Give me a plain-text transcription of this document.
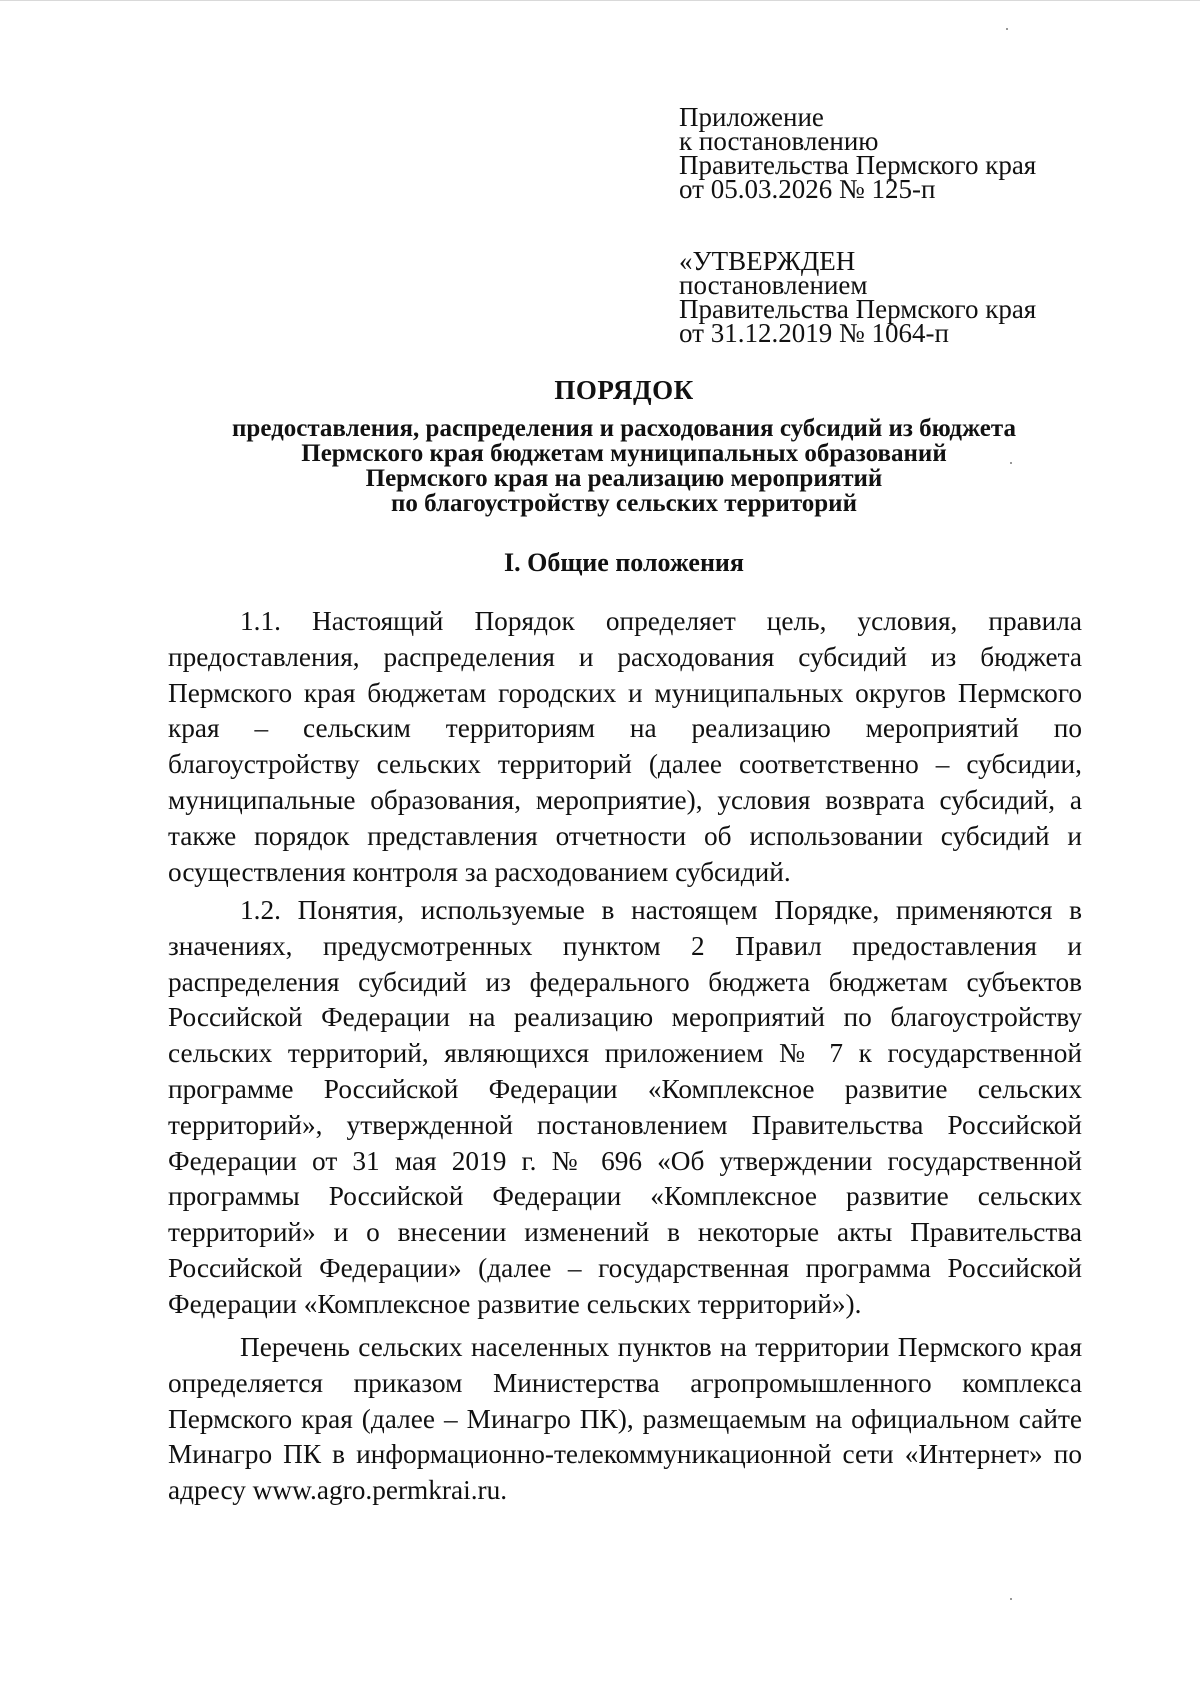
Приложение
к постановлению
Правительства Пермского края
от 05.03.2026 № 125-п
«УТВЕРЖДЕН
постановлением
Правительства Пермского края
от 31.12.2019 № 1064-п
ПОРЯДОК
предоставления, распределения и расходования субсидий из бюджета
Пермского края бюджетам муниципальных образований
Пермского края на реализацию мероприятий
по благоустройству сельских территорий
I. Общие положения

1.1. Настоящий Порядок определяет цель, условия, правила предоставления, распределения и расходования субсидий из бюджета Пермского края бюджетам городских и муниципальных округов Пермского края – сельским территориям на реализацию мероприятий по благоустройству сельских территорий (далее соответственно – субсидии, муниципальные образования, мероприятие), условия возврата субсидий, а также порядок представления отчетности об использовании субсидий и осуществления контроля за расходованием субсидий.

1.2. Понятия, используемые в настоящем Порядке, применяются в значениях, предусмотренных пунктом 2 Правил предоставления и распределения субсидий из федерального бюджета бюджетам субъектов Российской Федерации на реализацию мероприятий по благоустройству сельских территорий, являющихся приложением № 7 к государственной программе Российской Федерации «Комплексное развитие сельских территорий», утвержденной постановлением Правительства Российской Федерации от 31 мая 2019 г. № 696 «Об утверждении государственной программы Российской Федерации «Комплексное развитие сельских территорий» и о внесении изменений в некоторые акты Правительства Российской Федерации» (далее – государственная программа Российской Федерации «Комплексное развитие сельских территорий»).

Перечень сельских населенных пунктов на территории Пермского края определяется приказом Министерства агропромышленного комплекса Пермского края (далее – Минагро ПК), размещаемым на официальном сайте Минагро ПК в информационно-телекоммуникационной сети «Интернет» по адресу www.agro.permkrai.ru.
